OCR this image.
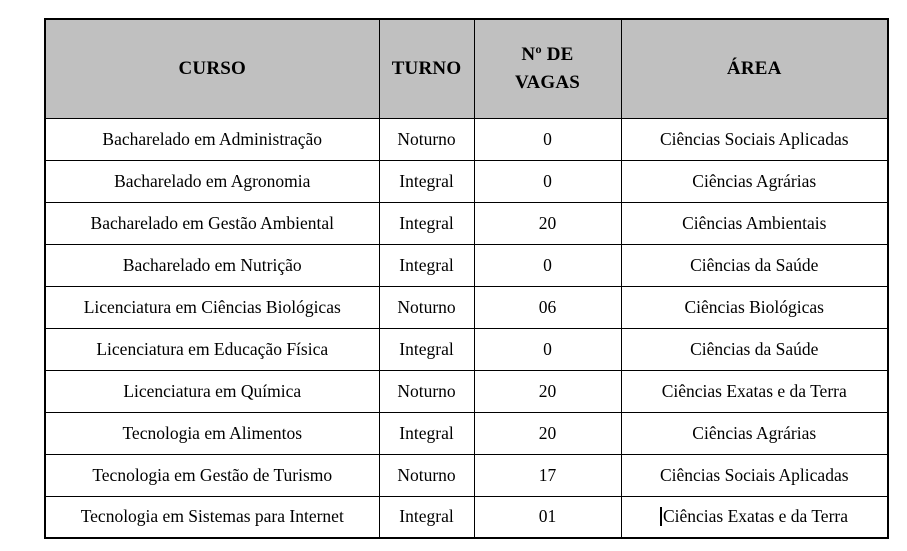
CURSO	TURNO	Nº DE VAGAS	ÁREA
Bacharelado em Administração	Noturno	0	Ciências Sociais Aplicadas
Bacharelado em Agronomia	Integral	0	Ciências Agrárias
Bacharelado em Gestão Ambiental	Integral	20	Ciências Ambientais
Bacharelado em Nutrição	Integral	0	Ciências da Saúde
Licenciatura em Ciências Biológicas	Noturno	06	Ciências Biológicas
Licenciatura em Educação Física	Integral	0	Ciências da Saúde
Licenciatura em Química	Noturno	20	Ciências Exatas e da Terra
Tecnologia em Alimentos	Integral	20	Ciências Agrárias
Tecnologia em Gestão de Turismo	Noturno	17	Ciências Sociais Aplicadas
Tecnologia em Sistemas para Internet	Integral	01	Ciências Exatas e da Terra
